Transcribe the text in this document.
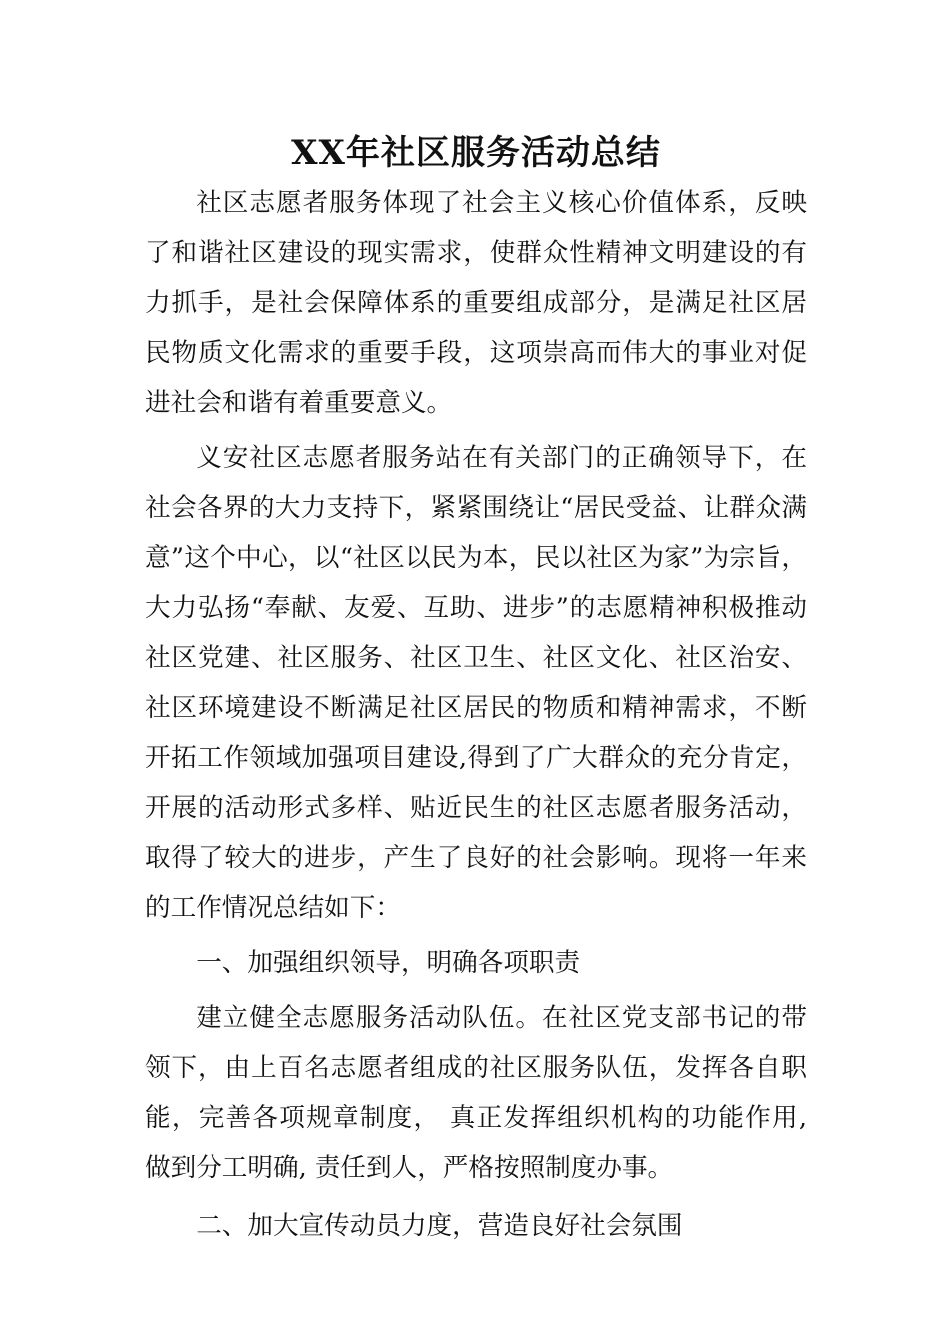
XX年社区服务活动总结

社区志愿者服务体现了社会主义核心价值体系，反映了和谐社区建设的现实需求，使群众性精神文明建设的有力抓手，是社会保障体系的重要组成部分，是满足社区居民物质文化需求的重要手段，这项崇高而伟大的事业对促进社会和谐有着重要意义。

义安社区志愿者服务站在有关部门的正确领导下，在社会各界的大力支持下，紧紧围绕让“居民受益、让群众满意”这个中心，以“社区以民为本，民以社区为家”为宗旨，大力弘扬“奉献、友爱、互助、进步”的志愿精神积极推动社区党建、社区服务、社区卫生、社区文化、社区治安、社区环境建设不断满足社区居民的物质和精神需求，不断开拓工作领域加强项目建设,得到了广大群众的充分肯定，开展的活动形式多样、贴近民生的社区志愿者服务活动，取得了较大的进步，产生了良好的社会影响。现将一年来的工作情况总结如下：

一、加强组织领导，明确各项职责

建立健全志愿服务活动队伍。在社区党支部书记的带领下，由上百名志愿者组成的社区服务队伍，发挥各自职能，完善各项规章制度， 真正发挥组织机构的功能作用, 做到分工明确, 责任到人，严格按照制度办事。

二、加大宣传动员力度，营造良好社会氛围
